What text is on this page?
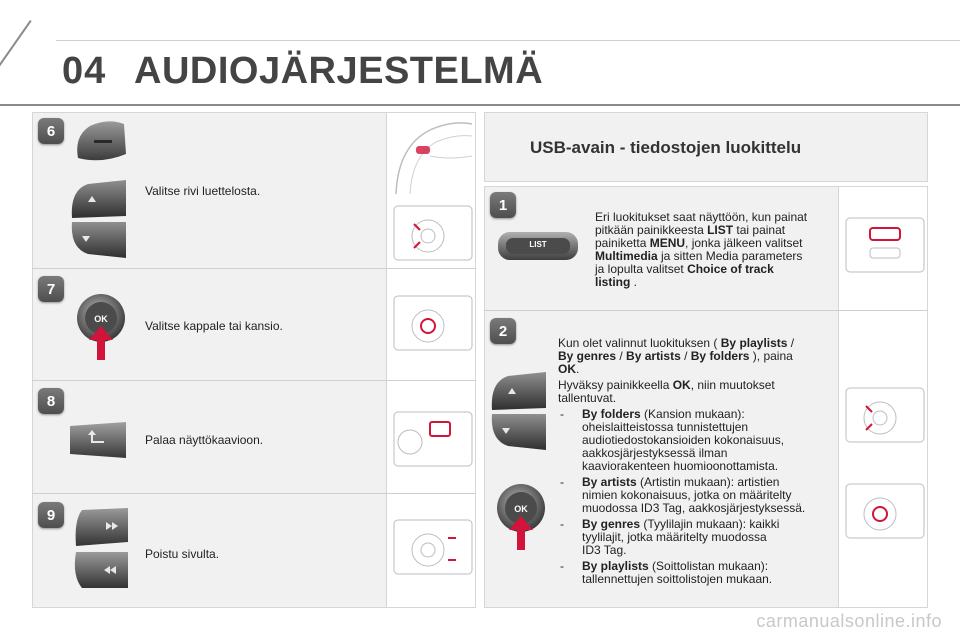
04 AUDIOJÄRJESTELMÄ
6
Valitse rivi luettelosta.
7
OK	Valitse kappale tai kansio.
8
Palaa näyttökaavioon.
9
Poistu sivulta.
USB-avain - tiedostojen luokittelu
1
LIST
Eri luokitukset saat näyttöön, kun painat
pitkään painikkeesta LIST tai painat
painiketta MENU, jonka jälkeen valitset
Multimedia ja sitten Media parameters
ja lopulta valitset Choice of track
listing .
2
OK
Kun olet valinnut luokituksen ( By playlists /
By genres / By artists / By folders ), paina
OK.
Hyväksy painikkeella OK, niin muutokset
tallentuvat.
- By folders (Kansion mukaan):
oheislaitteistossa tunnistettujen
audiotiedostokansioiden kokonaisuus,
aakkosjärjestyksessä ilman
kaaviorakenteen huomioonottamista.
- By artists (Artistin mukaan): artistien
nimien kokonaisuus, jotka on määritelty
muodossa ID3 Tag, aakkosjärjestyksessä.
- By genres (Tyylilajin mukaan): kaikki
tyylilajit, jotka määritelty muodossa
ID3 Tag.
- By playlists (Soittolistan mukaan):
tallennettujen soittolistojen mukaan.
carmanualsonline.info
